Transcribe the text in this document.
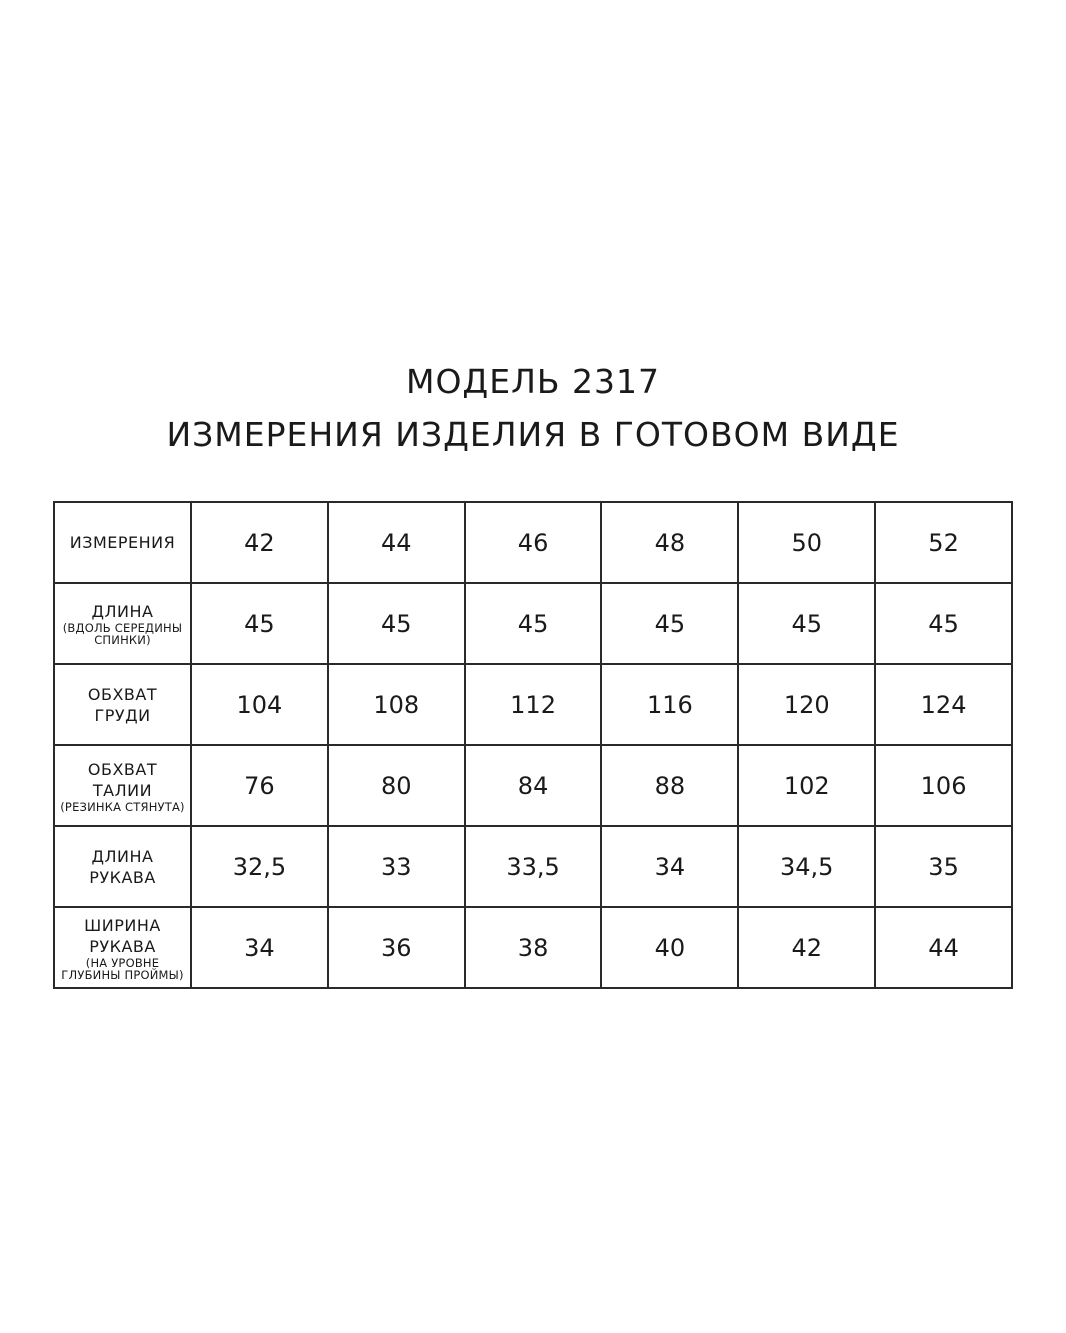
МОДЕЛЬ 2317
ИЗМЕРЕНИЯ ИЗДЕЛИЯ В ГОТОВОМ ВИДЕ
ИЗМЕРЕНИЯ	42	44	46	48	50	52

ДЛИНА
(ВДОЛЬ СЕРЕДИНЫ
СПИНКИ)	45	45	45	45	45	45

ОБХВАТ
ГРУДИ	104	108	112	116	120	124

ОБХВАТ
ТАЛИИ
(РЕЗИНКА СТЯНУТА)	76	80	84	88	102	106

ДЛИНА
РУКАВА	32,5	33	33,5	34	34,5	35

ШИРИНА
РУКАВА
(НА УРОВНЕ
ГЛУБИНЫ ПРОЙМЫ)	34	36	38	40	42	44
